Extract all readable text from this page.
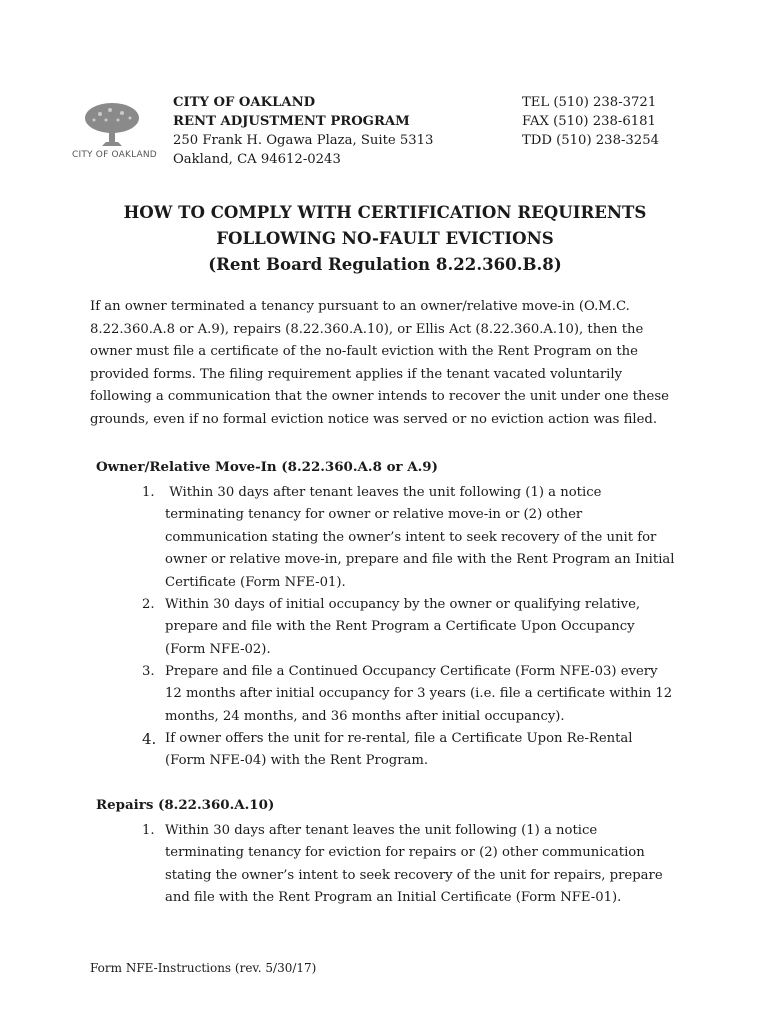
CITY OF OAKLAND
CITY OF OAKLAND
RENT ADJUSTMENT PROGRAM
250 Frank H. Ogawa Plaza, Suite 5313
Oakland, CA 94612-0243
TEL (510) 238-3721
FAX (510) 238-6181
TDD (510) 238-3254
HOW TO COMPLY WITH CERTIFICATION REQUIRENTS
FOLLOWING NO-FAULT EVICTIONS
(Rent Board Regulation 8.22.360.B.8)
If an owner terminated a tenancy pursuant to an owner/relative move-in (O.M.C.
8.22.360.A.8 or A.9), repairs (8.22.360.A.10), or Ellis Act (8.22.360.A.10), then the
owner must file a certificate of the no-fault eviction with the Rent Program on the
provided forms. The filing requirement applies if the tenant vacated voluntarily
following a communication that the owner intends to recover the unit under one these
grounds, even if no formal eviction notice was served or no eviction action was filed.
Owner/Relative Move-In (8.22.360.A.8 or A.9)
1. Within 30 days after tenant leaves the unit following (1) a notice
terminating tenancy for owner or relative move-in or (2) other
communication stating the owner’s intent to seek recovery of the unit for
owner or relative move-in, prepare and file with the Rent Program an Initial
Certificate (Form NFE-01).
2. Within 30 days of initial occupancy by the owner or qualifying relative,
prepare and file with the Rent Program a Certificate Upon Occupancy
(Form NFE-02).
3. Prepare and file a Continued Occupancy Certificate (Form NFE-03) every
12 months after initial occupancy for 3 years (i.e. file a certificate within 12
months, 24 months, and 36 months after initial occupancy).
4. If owner offers the unit for re-rental, file a Certificate Upon Re-Rental
(Form NFE-04) with the Rent Program.
Repairs (8.22.360.A.10)
1. Within 30 days after tenant leaves the unit following (1) a notice
terminating tenancy for eviction for repairs or (2) other communication
stating the owner’s intent to seek recovery of the unit for repairs, prepare
and file with the Rent Program an Initial Certificate (Form NFE-01).
Form NFE-Instructions (rev. 5/30/17)
